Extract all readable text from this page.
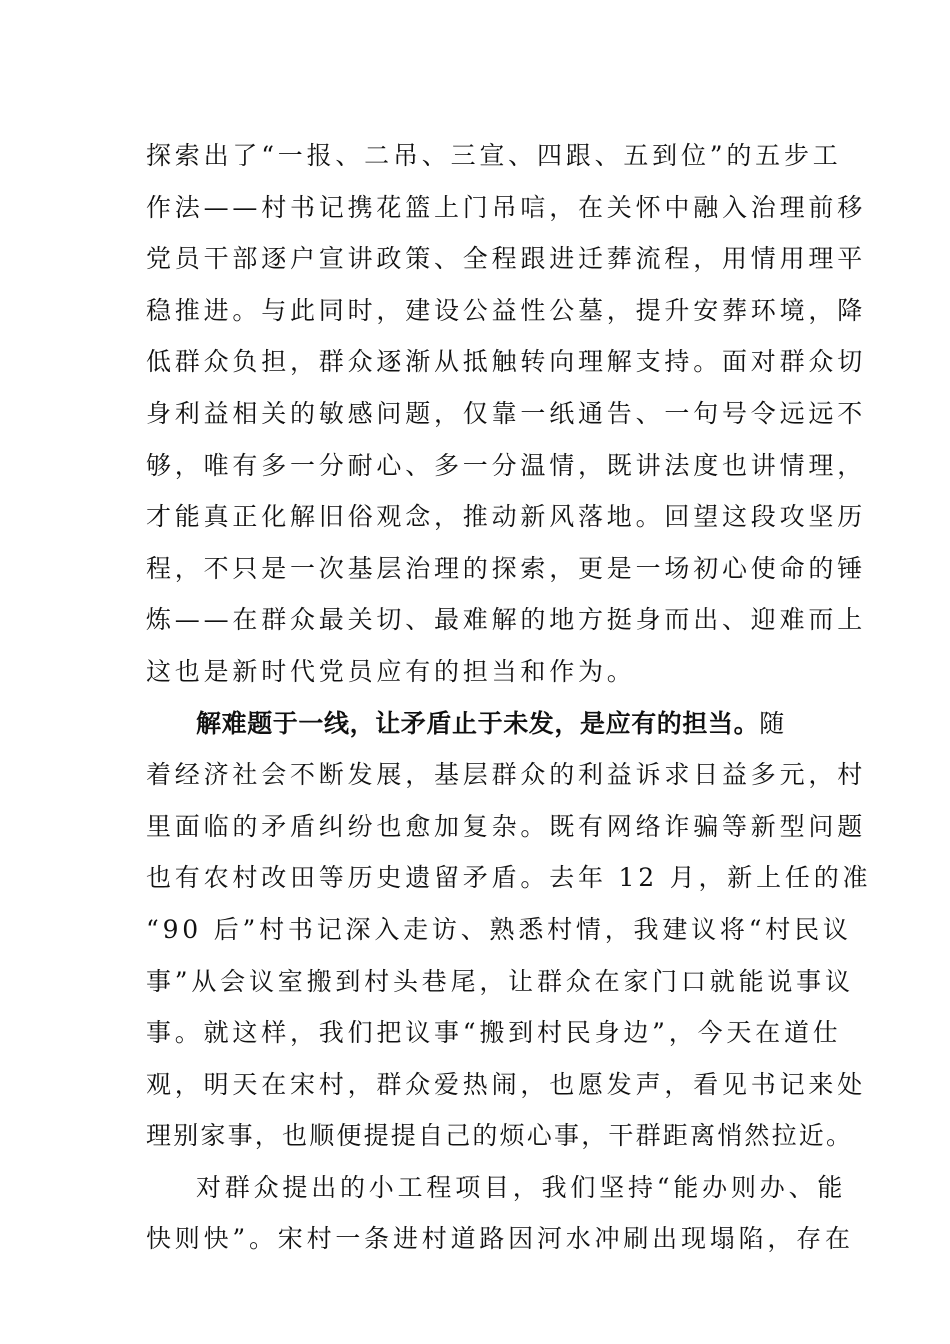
探索出了“一报、二吊、三宣、四跟、五到位”的五步工
作法——村书记携花篮上门吊唁，在关怀中融入治理前移
党员干部逐户宣讲政策、全程跟进迁葬流程，用情用理平
稳推进。与此同时，建设公益性公墓，提升安葬环境，降
低群众负担，群众逐渐从抵触转向理解支持。面对群众切
身利益相关的敏感问题，仅靠一纸通告、一句号令远远不
够，唯有多一分耐心、多一分温情，既讲法度也讲情理，
才能真正化解旧俗观念，推动新风落地。回望这段攻坚历
程，不只是一次基层治理的探索，更是一场初心使命的锤
炼——在群众最关切、最难解的地方挺身而出、迎难而上
这也是新时代党员应有的担当和作为。
解难题于一线，让矛盾止于未发，是应有的担当。随
着经济社会不断发展，基层群众的利益诉求日益多元，村
里面临的矛盾纠纷也愈加复杂。既有网络诈骗等新型问题
也有农村改田等历史遗留矛盾。去年 12 月，新上任的准
“90 后”村书记深入走访、熟悉村情，我建议将“村民议
事”从会议室搬到村头巷尾，让群众在家门口就能说事议
事。就这样，我们把议事“搬到村民身边”，今天在道仕
观，明天在宋村，群众爱热闹，也愿发声，看见书记来处
理别家事，也顺便提提自己的烦心事，干群距离悄然拉近。
对群众提出的小工程项目，我们坚持“能办则办、能
快则快”。宋村一条进村道路因河水冲刷出现塌陷，存在
